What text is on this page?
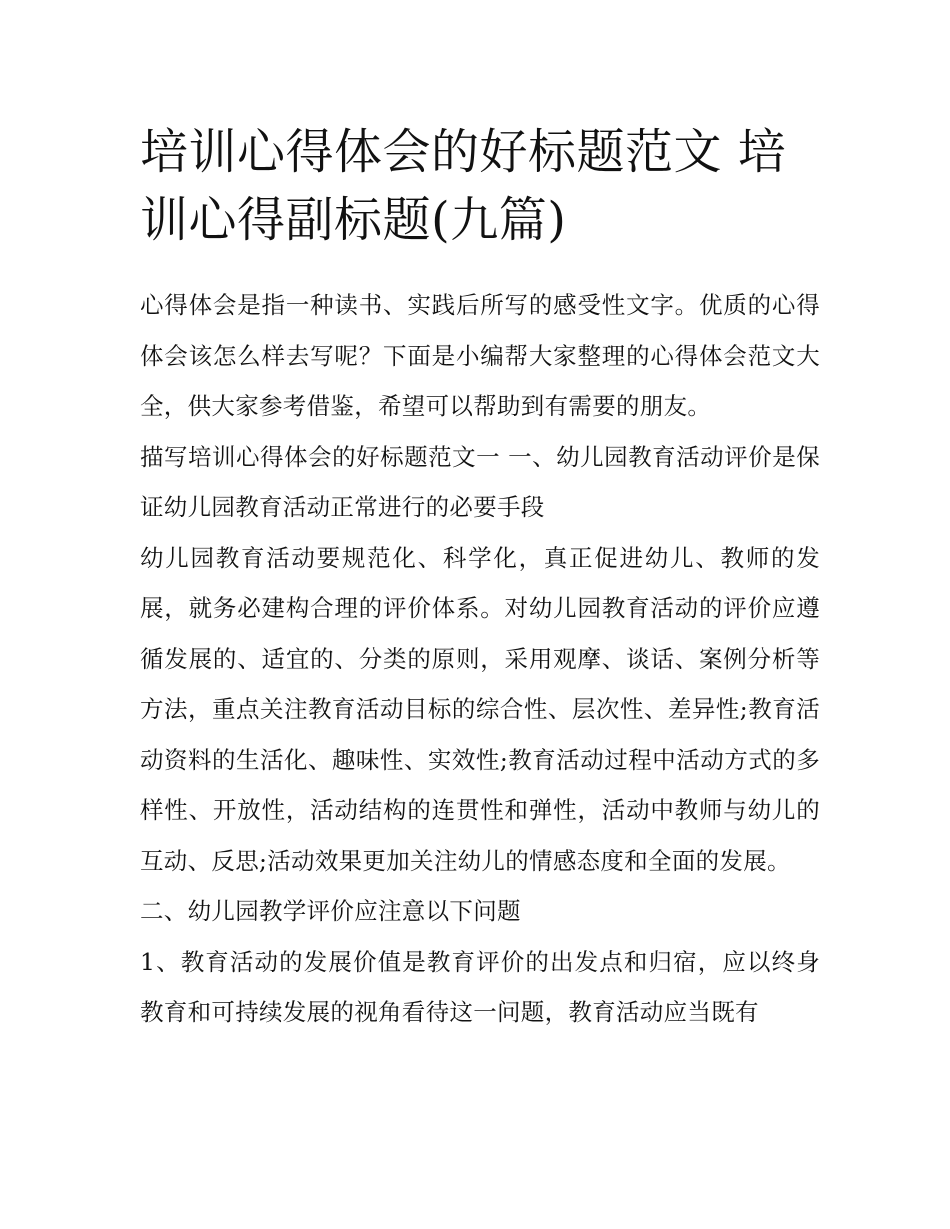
培训心得体会的好标题范文 培训心得副标题(九篇)

心得体会是指一种读书、实践后所写的感受性文字。优质的心得体会该怎么样去写呢？下面是小编帮大家整理的心得体会范文大全，供大家参考借鉴，希望可以帮助到有需要的朋友。

描写培训心得体会的好标题范文一 一、幼儿园教育活动评价是保证幼儿园教育活动正常进行的必要手段

幼儿园教育活动要规范化、科学化，真正促进幼儿、教师的发展，就务必建构合理的评价体系。对幼儿园教育活动的评价应遵循发展的、适宜的、分类的原则，采用观摩、谈话、案例分析等方法，重点关注教育活动目标的综合性、层次性、差异性;教育活动资料的生活化、趣味性、实效性;教育活动过程中活动方式的多样性、开放性，活动结构的连贯性和弹性，活动中教师与幼儿的互动、反思;活动效果更加关注幼儿的情感态度和全面的发展。

二、幼儿园教学评价应注意以下问题

1、教育活动的发展价值是教育评价的出发点和归宿，应以终身教育和可持续发展的视角看待这一问题，教育活动应当既有
